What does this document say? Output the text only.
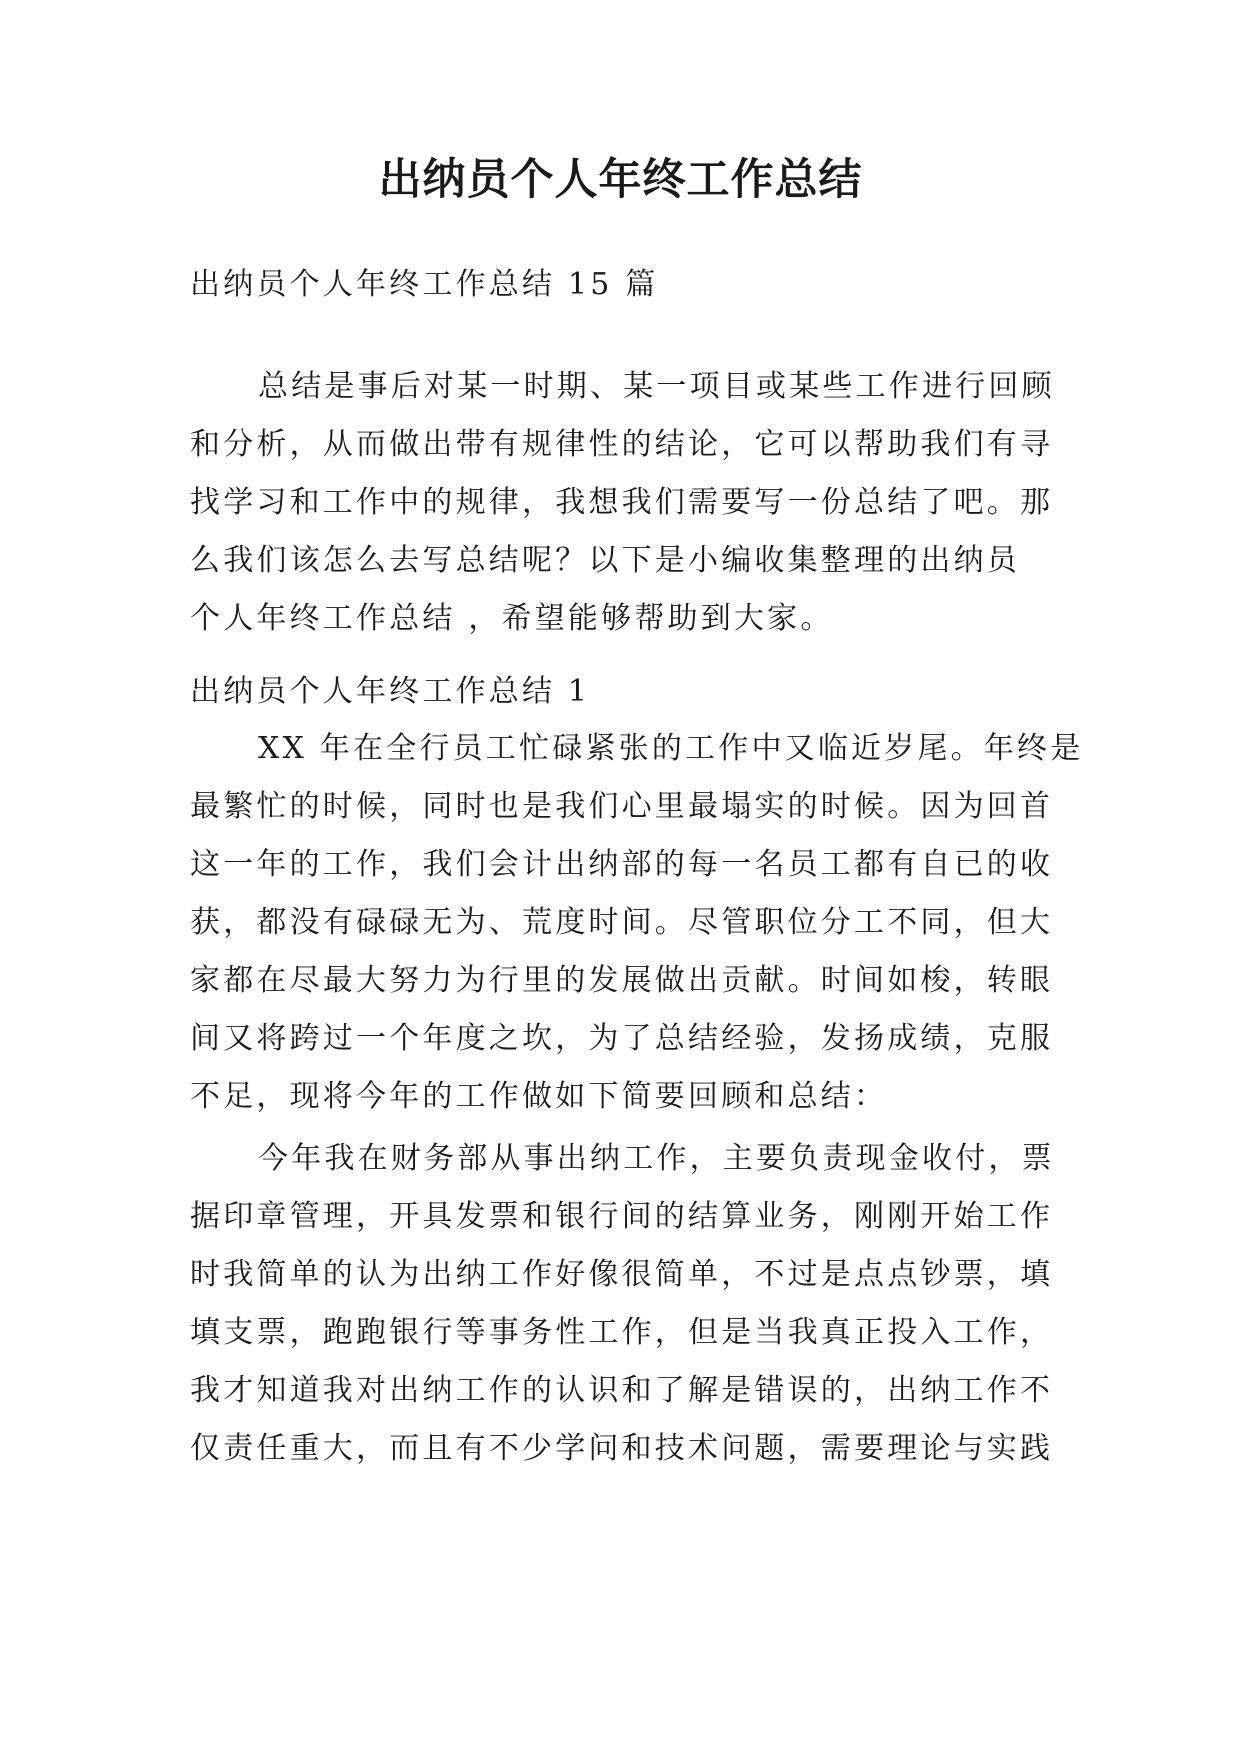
出纳员个人年终工作总结

出纳员个人年终工作总结 15 篇

总结是事后对某一时期、某一项目或某些工作进行回顾
和分析，从而做出带有规律性的结论，它可以帮助我们有寻
找学习和工作中的规律，我想我们需要写一份总结了吧。那
么我们该怎么去写总结呢？以下是小编收集整理的出纳员
个人年终工作总结 ，希望能够帮助到大家。

出纳员个人年终工作总结 1

XX 年在全行员工忙碌紧张的工作中又临近岁尾。年终是
最繁忙的时候，同时也是我们心里最塌实的时候。因为回首
这一年的工作，我们会计出纳部的每一名员工都有自已的收
获，都没有碌碌无为、荒度时间。尽管职位分工不同，但大
家都在尽最大努力为行里的发展做出贡献。时间如梭，转眼
间又将跨过一个年度之坎，为了总结经验，发扬成绩，克服
不足，现将今年的工作做如下简要回顾和总结：
今年我在财务部从事出纳工作，主要负责现金收付，票
据印章管理，开具发票和银行间的结算业务，刚刚开始工作
时我简单的认为出纳工作好像很简单，不过是点点钞票，填
填支票，跑跑银行等事务性工作，但是当我真正投入工作，
我才知道我对出纳工作的认识和了解是错误的，出纳工作不
仅责任重大，而且有不少学问和技术问题，需要理论与实践
